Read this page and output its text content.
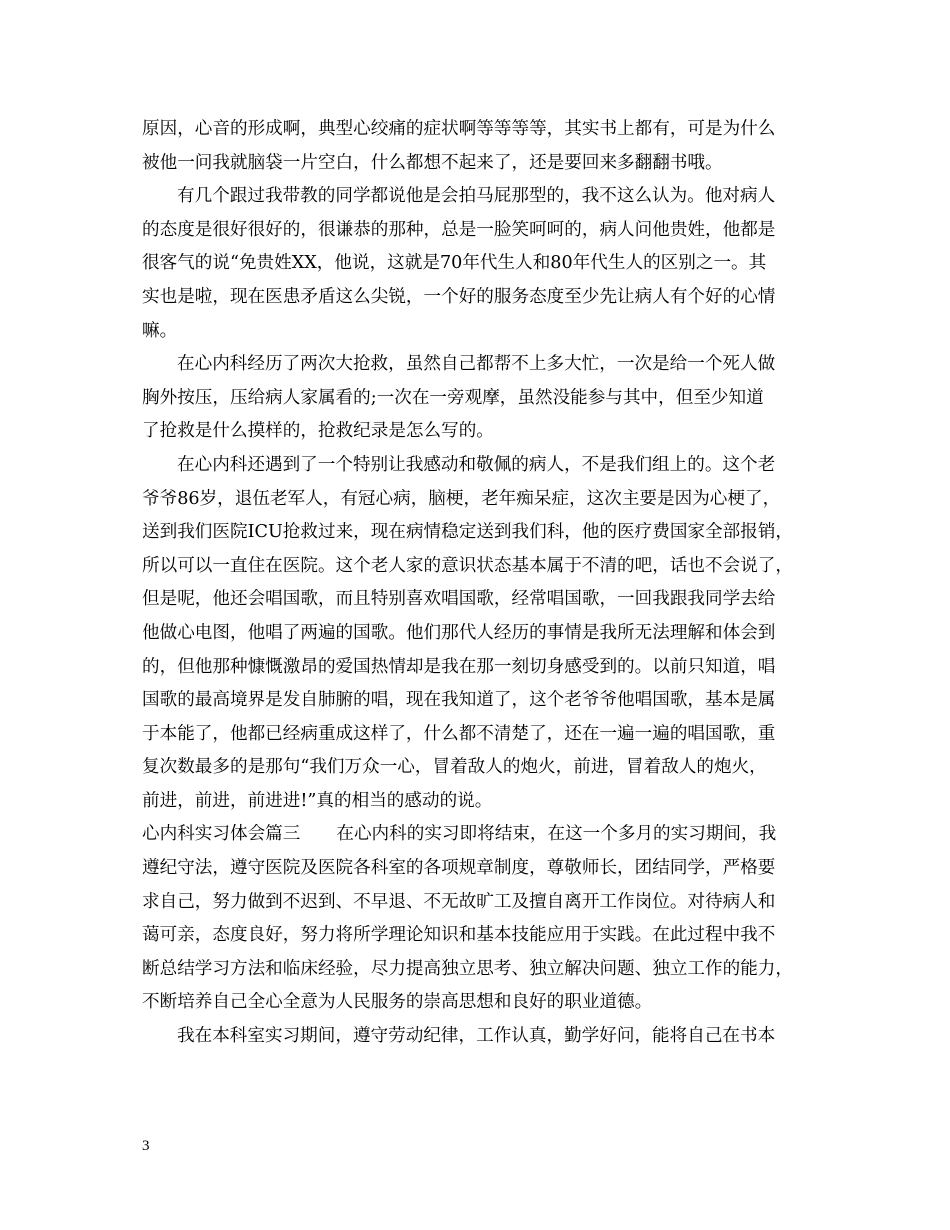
原因，心音的形成啊，典型心绞痛的症状啊等等等等，其实书上都有，可是为什么
被他一问我就脑袋一片空白，什么都想不起来了，还是要回来多翻翻书哦。
有几个跟过我带教的同学都说他是会拍马屁那型的，我不这么认为。他对病人
的态度是很好很好的，很谦恭的那种，总是一脸笑呵呵的，病人问他贵姓，他都是
很客气的说“免贵姓XX，他说，这就是70年代生人和80年代生人的区别之一。其
实也是啦，现在医患矛盾这么尖锐，一个好的服务态度至少先让病人有个好的心情
嘛。
在心内科经历了两次大抢救，虽然自己都帮不上多大忙，一次是给一个死人做
胸外按压，压给病人家属看的;一次在一旁观摩，虽然没能参与其中，但至少知道
了抢救是什么摸样的，抢救纪录是怎么写的。
在心内科还遇到了一个特别让我感动和敬佩的病人，不是我们组上的。这个老
爷爷86岁，退伍老军人，有冠心病，脑梗，老年痴呆症，这次主要是因为心梗了，
送到我们医院ICU抢救过来，现在病情稳定送到我们科，他的医疗费国家全部报销，
所以可以一直住在医院。这个老人家的意识状态基本属于不清的吧，话也不会说了，
但是呢，他还会唱国歌，而且特别喜欢唱国歌，经常唱国歌，一回我跟我同学去给
他做心电图，他唱了两遍的国歌。他们那代人经历的事情是我所无法理解和体会到
的，但他那种慷慨激昂的爱国热情却是我在那一刻切身感受到的。以前只知道，唱
国歌的最高境界是发自肺腑的唱，现在我知道了，这个老爷爷他唱国歌，基本是属
于本能了，他都已经病重成这样了，什么都不清楚了，还在一遍一遍的唱国歌，重
复次数最多的是那句“我们万众一心，冒着敌人的炮火，前进，冒着敌人的炮火，
前进，前进，前进进!”真的相当的感动的说。
心内科实习体会篇三 在心内科的实习即将结束，在这一个多月的实习期间，我
遵纪守法，遵守医院及医院各科室的各项规章制度，尊敬师长，团结同学，严格要
求自己，努力做到不迟到、不早退、不无故旷工及擅自离开工作岗位。对待病人和
蔼可亲，态度良好，努力将所学理论知识和基本技能应用于实践。在此过程中我不
断总结学习方法和临床经验，尽力提高独立思考、独立解决问题、独立工作的能力，
不断培养自己全心全意为人民服务的崇高思想和良好的职业道德。
我在本科室实习期间，遵守劳动纪律，工作认真，勤学好问，能将自己在书本
3
